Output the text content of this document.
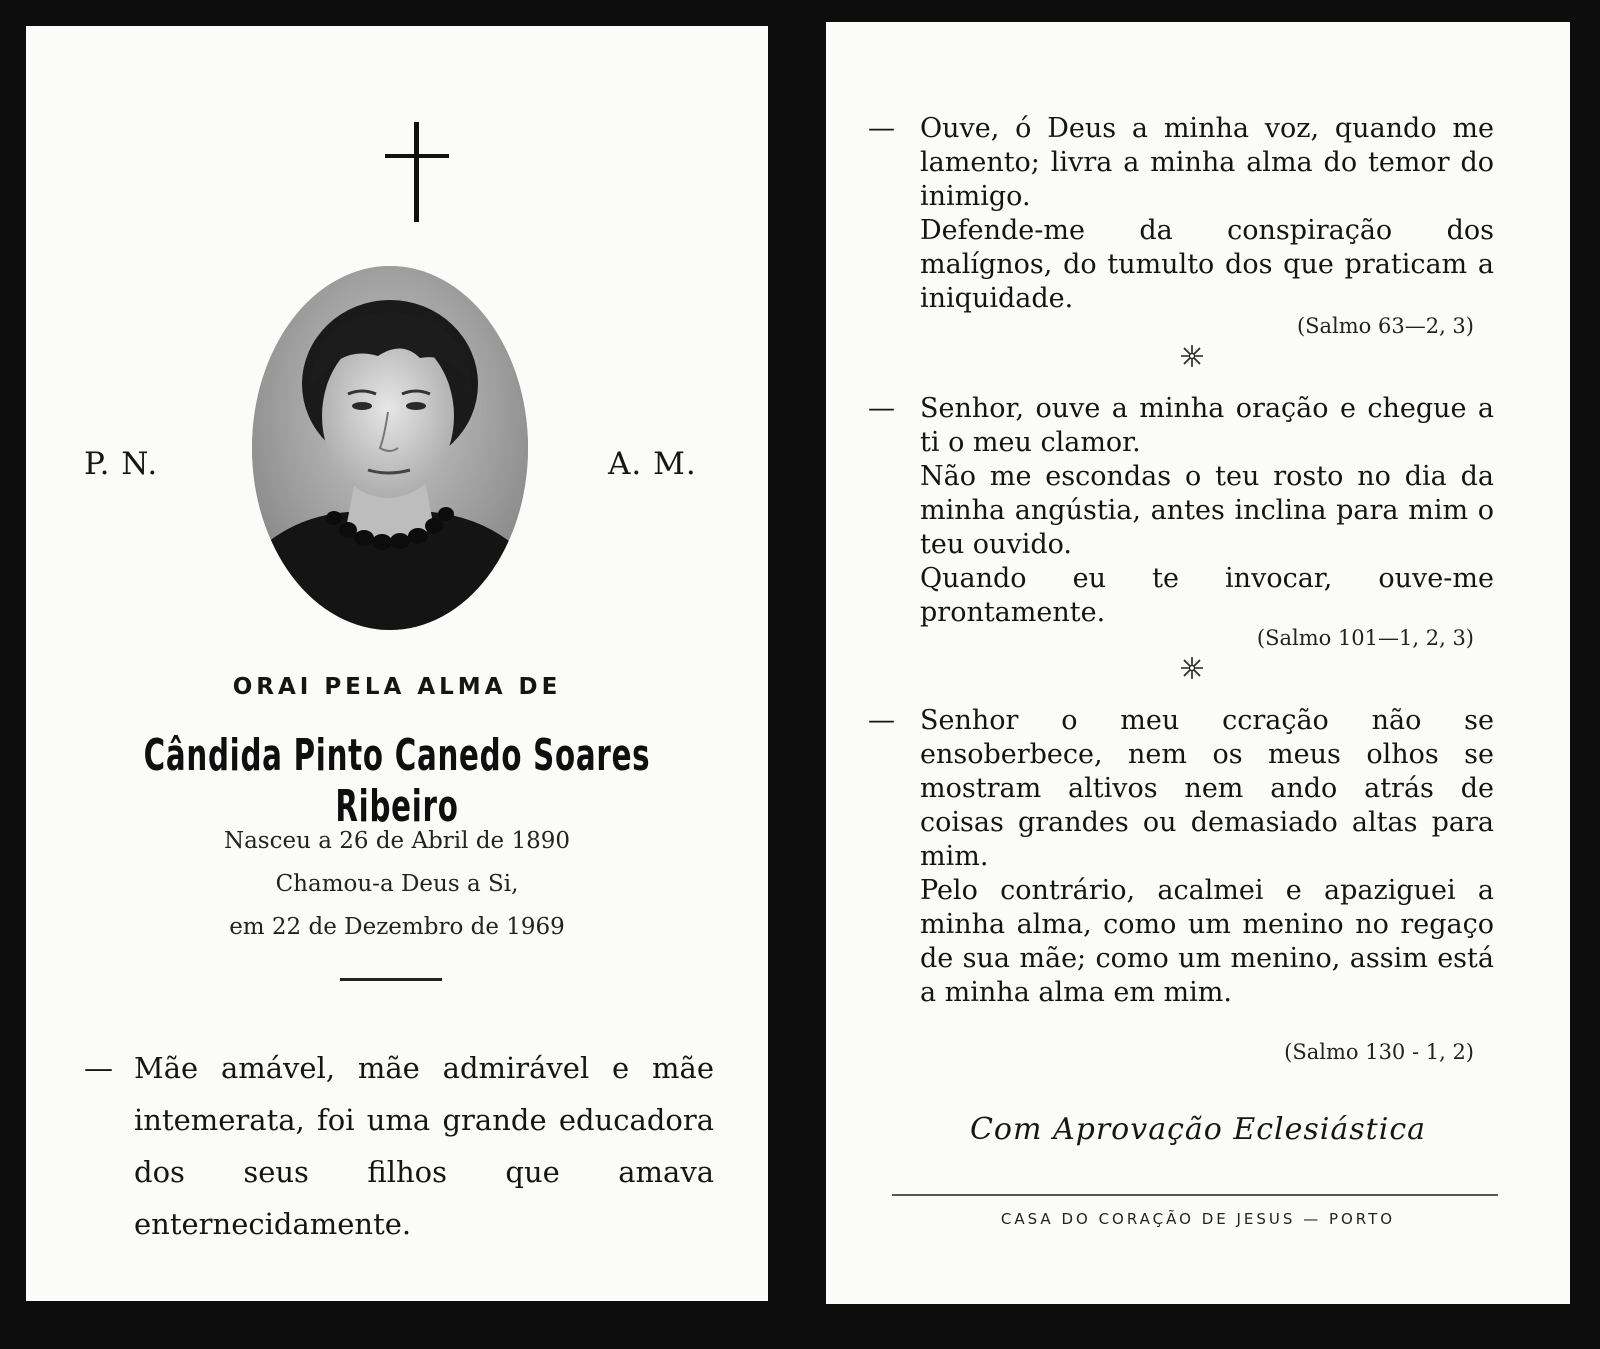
P. N.	A. M.
ORAI PELA ALMA DE
Cândida Pinto Canedo Soares Ribeiro
Nasceu a 26 de Abril de 1890
Chamou-a Deus a Si,
em 22 de Dezembro de 1969
— Mãe amável, mãe admirável e mãe intemerata, foi uma grande educadora dos seus filhos que amava enternecidamente.
— Ouve, ó Deus a minha voz, quando me lamento; livra a minha alma do temor do inimigo.

Defende-me da conspiração dos malígnos, do tumulto dos que praticam a iniquidade.

(Salmo 63—2, 3)
— Senhor, ouve a minha oração e chegue a ti o meu clamor.

Não me escondas o teu rosto no dia da minha angústia, antes inclina para mim o teu ouvido.

Quando eu te invocar, ouve-me prontamente.

(Salmo 101—1, 2, 3)
— Senhor o meu ccração não se ensoberbece, nem os meus olhos se mostram altivos nem ando atrás de coisas grandes ou demasiado altas para mim.

Pelo contrário, acalmei e apaziguei a minha alma, como um menino no regaço de sua mãe; como um menino, assim está a minha alma em mim.

(Salmo 130 - 1, 2)
Com Aprovação Eclesiástica
CASA DO CORAÇÃO DE JESUS — PORTO
